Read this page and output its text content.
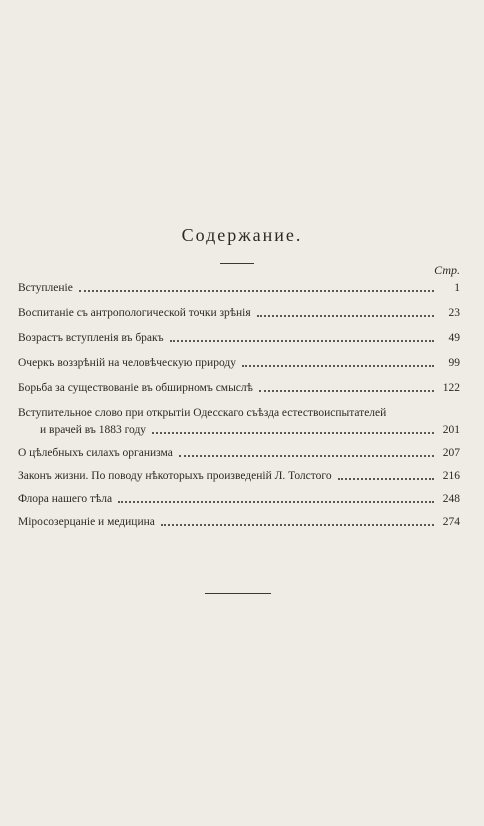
Содержание.
Стр.
Вступленіе	1
Воспитаніе съ антропологической точки зрѣнія	23
Возрастъ вступленія въ бракъ	49
Очеркъ воззрѣній на человѣческую природу	99
Борьба за существованіе въ обширномъ смыслѣ	122
Вступительное слово при открытіи Одесскаго съѣзда естествоиспытателей
и врачей въ 1883 году	201
О цѣлебныхъ силахъ организма	207
Законъ жизни. По поводу нѣкоторыхъ произведеній Л. Толстого	216
Флора нашего тѣла	248
Міросозерцаніе и медицина	274
